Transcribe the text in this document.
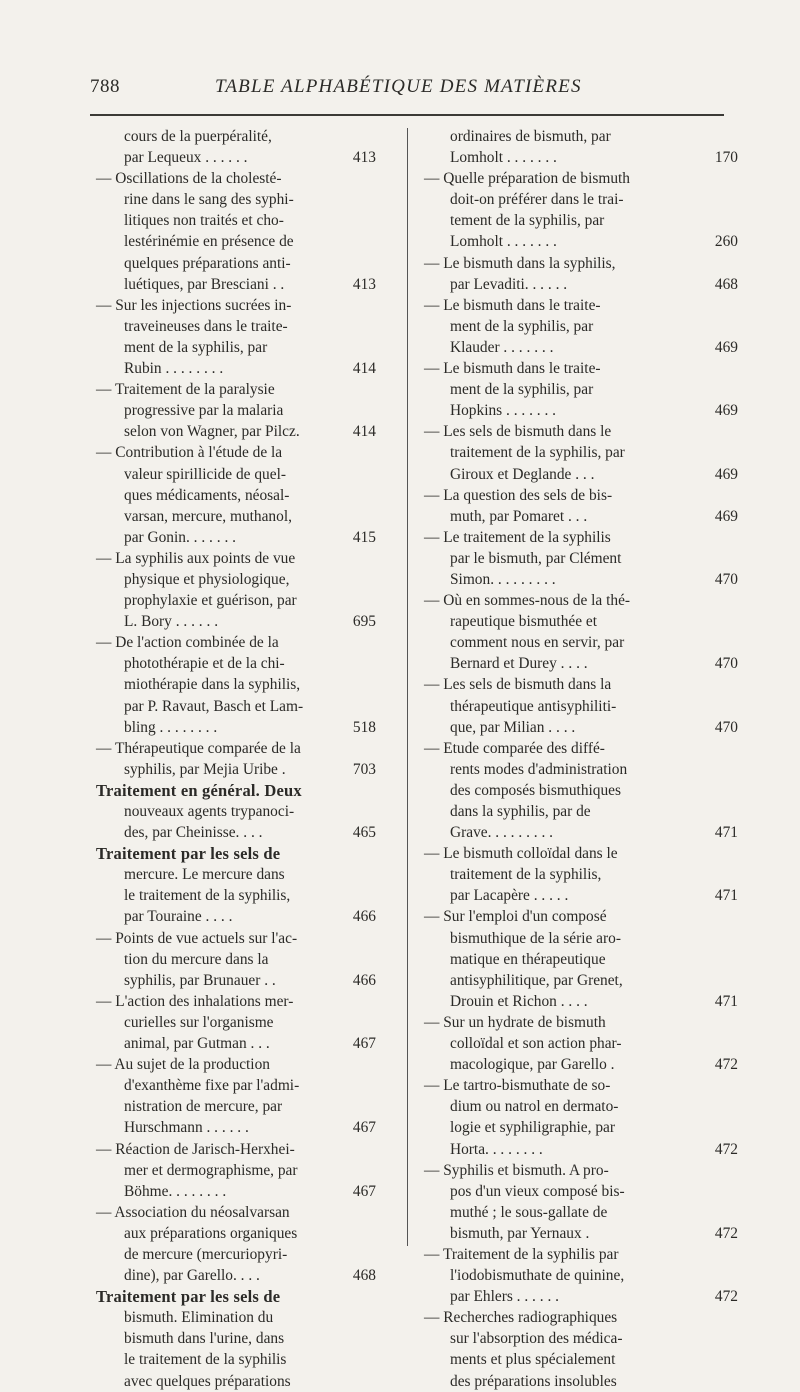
788	TABLE ALPHABÉTIQUE DES MATIÈRES
cours de la puerpéralité,
par Lequeux . . . . . .	413
— Oscillations de la cholesté-
rine dans le sang des syphi-
litiques non traités et cho-
lestérinémie en présence de
quelques préparations anti-
luétiques, par Bresciani . .	413
— Sur les injections sucrées in-
traveineuses dans le traite-
ment de la syphilis, par
Rubin . . . . . . . .	414
— Traitement de la paralysie
progressive par la malaria
selon von Wagner, par Pilcz.	414
— Contribution à l'étude de la
valeur spirillicide de quel-
ques médicaments, néosal-
varsan, mercure, muthanol,
par Gonin. . . . . . .	415
— La syphilis aux points de vue
physique et physiologique,
prophylaxie et guérison, par
L. Bory . . . . . .	695
— De l'action combinée de la
photothérapie et de la chi-
miothérapie dans la syphilis,
par P. Ravaut, Basch et Lam-
bling . . . . . . . .	518
— Thérapeutique comparée de la
syphilis, par Mejia Uribe .	703
Traitement en général. Deux
nouveaux agents trypanoci-
des, par Cheinisse. . . .	465
Traitement par les sels de
mercure. Le mercure dans
le traitement de la syphilis,
par Touraine . . . .	466
— Points de vue actuels sur l'ac-
tion du mercure dans la
syphilis, par Brunauer . .	466
— L'action des inhalations mer-
curielles sur l'organisme
animal, par Gutman . . .	467
— Au sujet de la production
d'exanthème fixe par l'admi-
nistration de mercure, par
Hurschmann . . . . . .	467
— Réaction de Jarisch-Herxhei-
mer et dermographisme, par
Böhme. . . . . . . .	467
— Association du néosalvarsan
aux préparations organiques
de mercure (mercuriopyri-
dine), par Garello. . . .	468
Traitement par les sels de
bismuth. Elimination du
bismuth dans l'urine, dans
le traitement de la syphilis
avec quelques préparations
ordinaires de bismuth, par
Lomholt . . . . . . .	170
— Quelle préparation de bismuth
doit-on préférer dans le trai-
tement de la syphilis, par
Lomholt . . . . . . .	260
— Le bismuth dans la syphilis,
par Levaditi. . . . . .	468
— Le bismuth dans le traite-
ment de la syphilis, par
Klauder . . . . . . .	469
— Le bismuth dans le traite-
ment de la syphilis, par
Hopkins . . . . . . .	469
— Les sels de bismuth dans le
traitement de la syphilis, par
Giroux et Deglande . . .	469
— La question des sels de bis-
muth, par Pomaret . . .	469
— Le traitement de la syphilis
par le bismuth, par Clément
Simon. . . . . . . . .	470
— Où en sommes-nous de la thé-
rapeutique bismuthée et
comment nous en servir, par
Bernard et Durey . . . .	470
— Les sels de bismuth dans la
thérapeutique antisyphiliti-
que, par Milian . . . .	470
— Etude comparée des diffé-
rents modes d'administration
des composés bismuthiques
dans la syphilis, par de
Grave. . . . . . . . .	471
— Le bismuth colloïdal dans le
traitement de la syphilis,
par Lacapère . . . . .	471
— Sur l'emploi d'un composé
bismuthique de la série aro-
matique en thérapeutique
antisyphilitique, par Grenet,
Drouin et Richon . . . .	471
— Sur un hydrate de bismuth
colloïdal et son action phar-
macologique, par Garello .	472
— Le tartro-bismuthate de so-
dium ou natrol en dermato-
logie et syphiligraphie, par
Horta. . . . . . . .	472
— Syphilis et bismuth. A pro-
pos d'un vieux composé bis-
muthé ; le sous-gallate de
bismuth, par Yernaux .	472
— Traitement de la syphilis par
l'iodobismuthate de quinine,
par Ehlers . . . . . .	472
— Recherches radiographiques
sur l'absorption des médica-
ments et plus spécialement
des préparations insolubles
